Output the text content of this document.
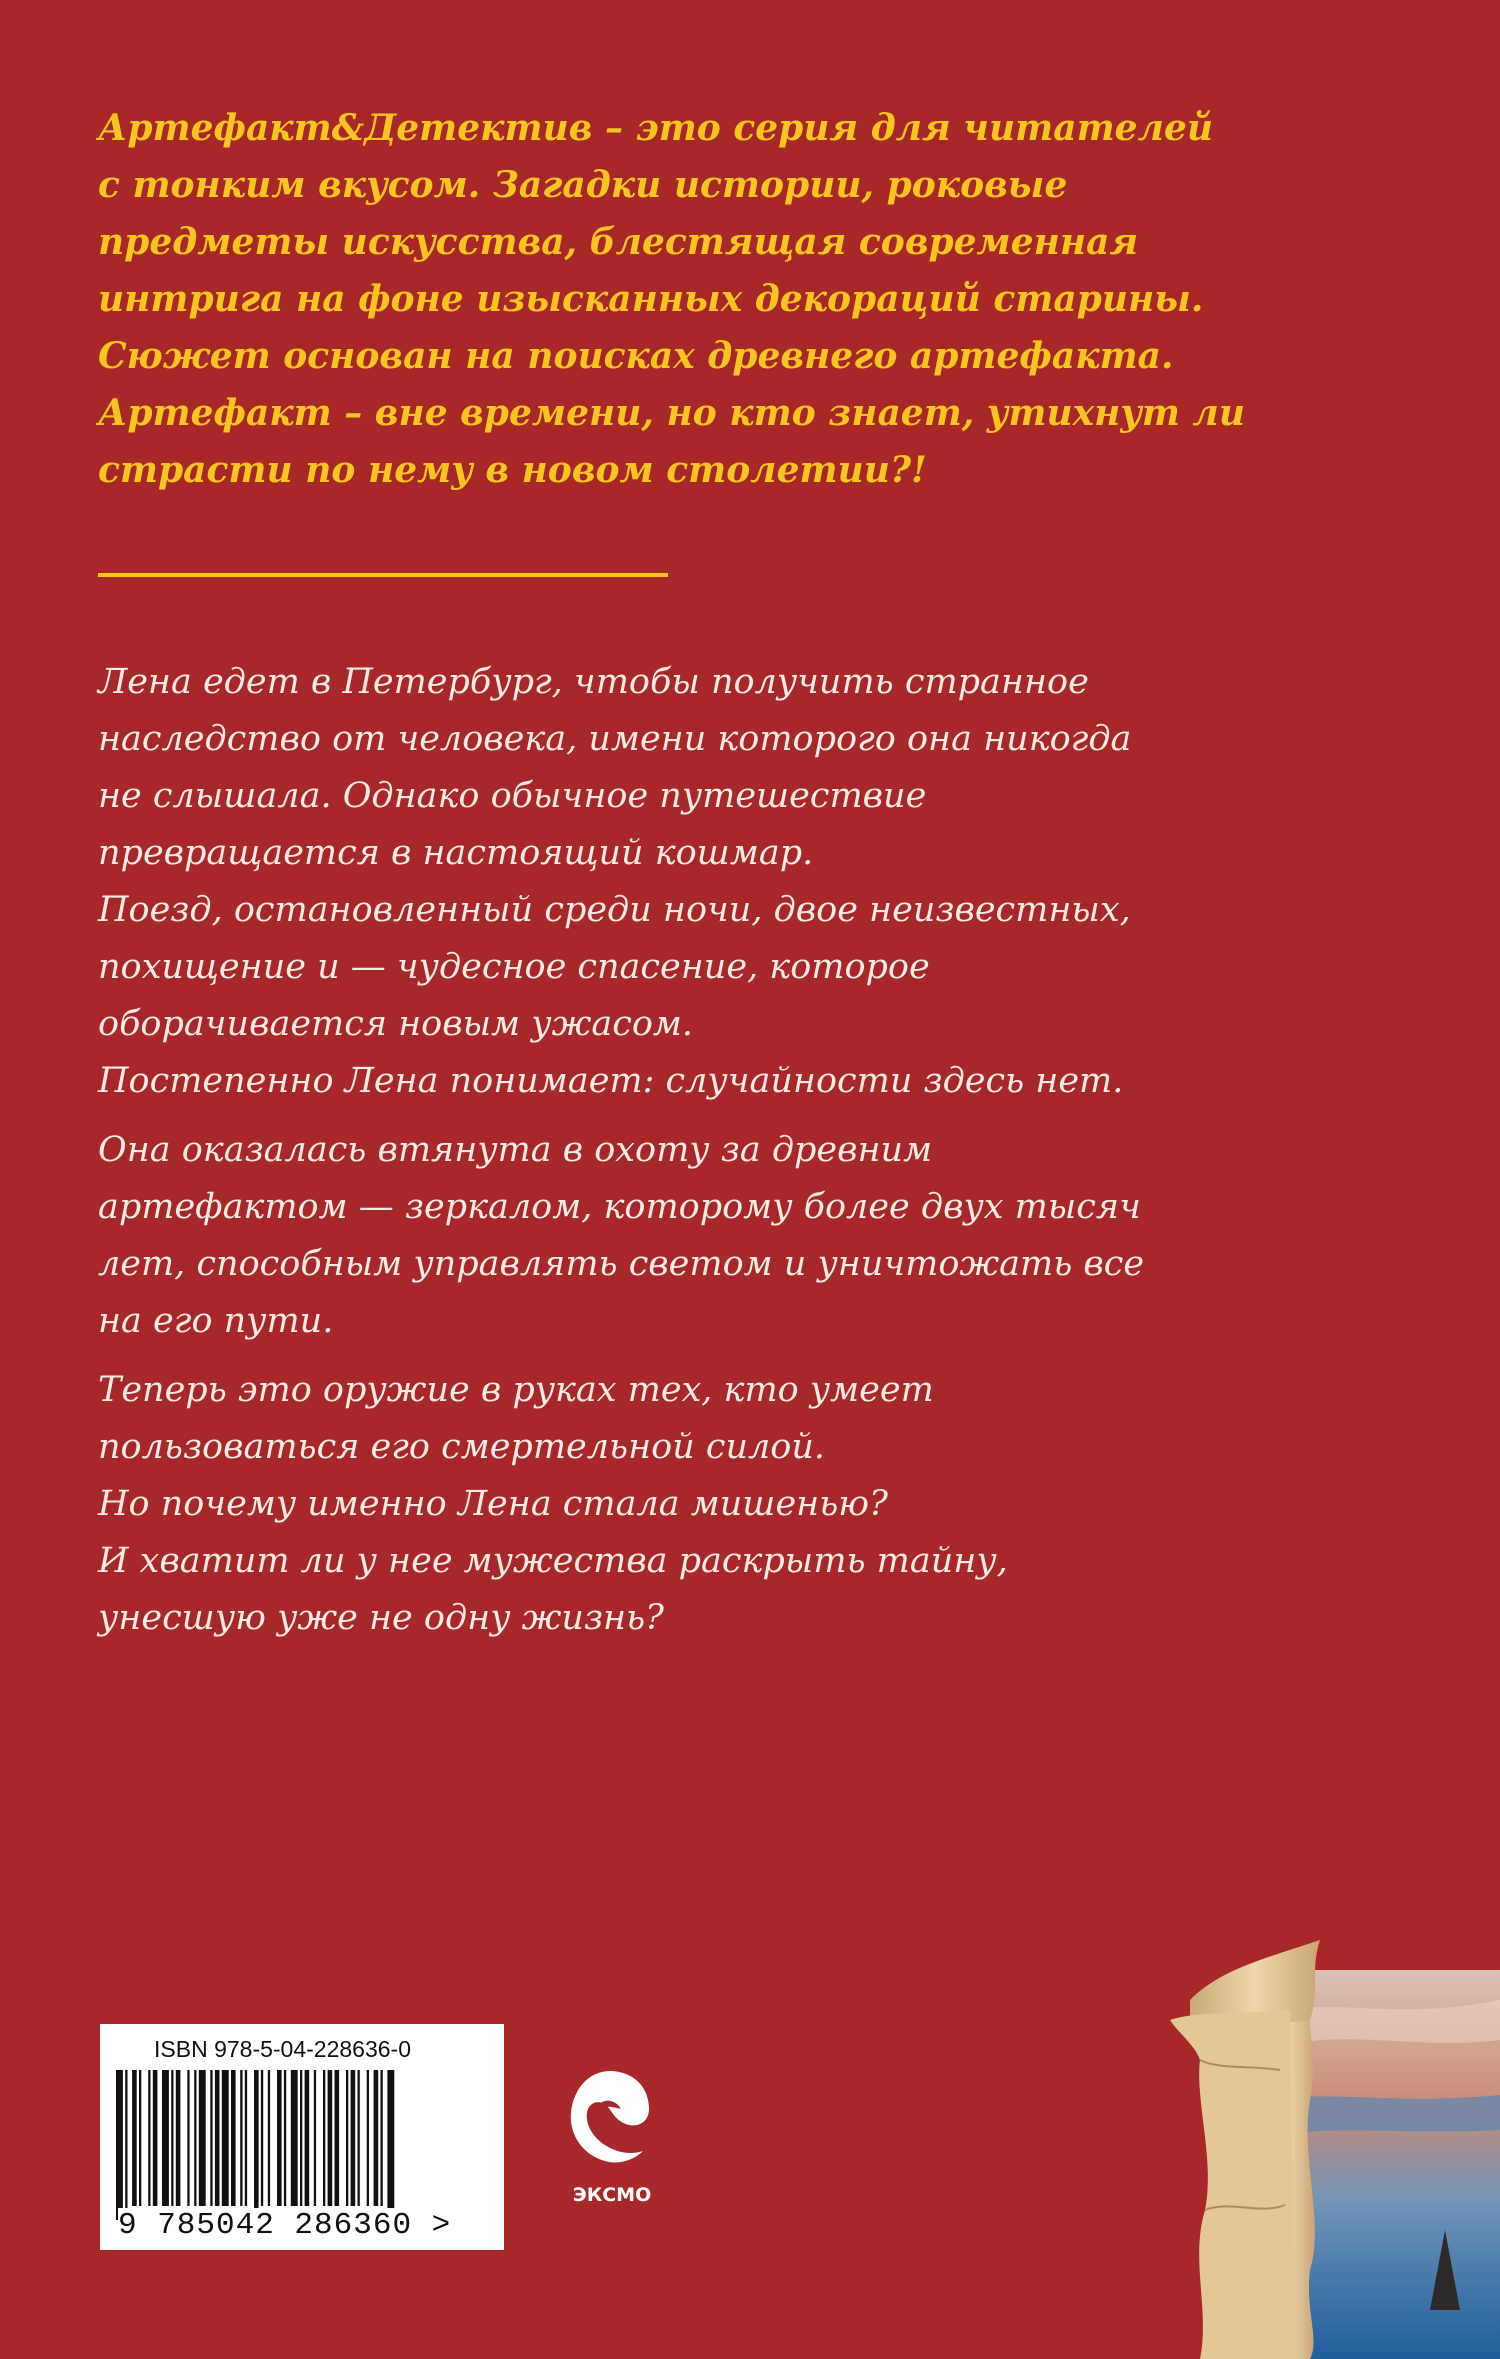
Артефакт&Детектив – это серия для читателей
с тонким вкусом. Загадки истории, роковые
предметы искусства, блестящая современная
интрига на фоне изысканных декораций старины.
Сюжет основан на поисках древнего артефакта.
Артефакт – вне времени, но кто знает, утихнут ли
страсти по нему в новом столетии?!
Лена едет в Петербург, чтобы получить странное
наследство от человека, имени которого она никогда
не слышала. Однако обычное путешествие
превращается в настоящий кошмар.
Поезд, остановленный среди ночи, двое неизвестных,
похищение и — чудесное спасение, которое
оборачивается новым ужасом.
Постепенно Лена понимает: случайности здесь нет.
Она оказалась втянута в охоту за древним
артефактом — зеркалом, которому более двух тысяч
лет, способным управлять светом и уничтожать все
на его пути.
Теперь это оружие в руках тех, кто умеет
пользоваться его смертельной силой.
Но почему именно Лена стала мишенью?
И хватит ли у нее мужества раскрыть тайну,
унесшую уже не одну жизнь?
ISBN 978-5-04-228636-0
9 785042 286360 >
ЭКСМО
